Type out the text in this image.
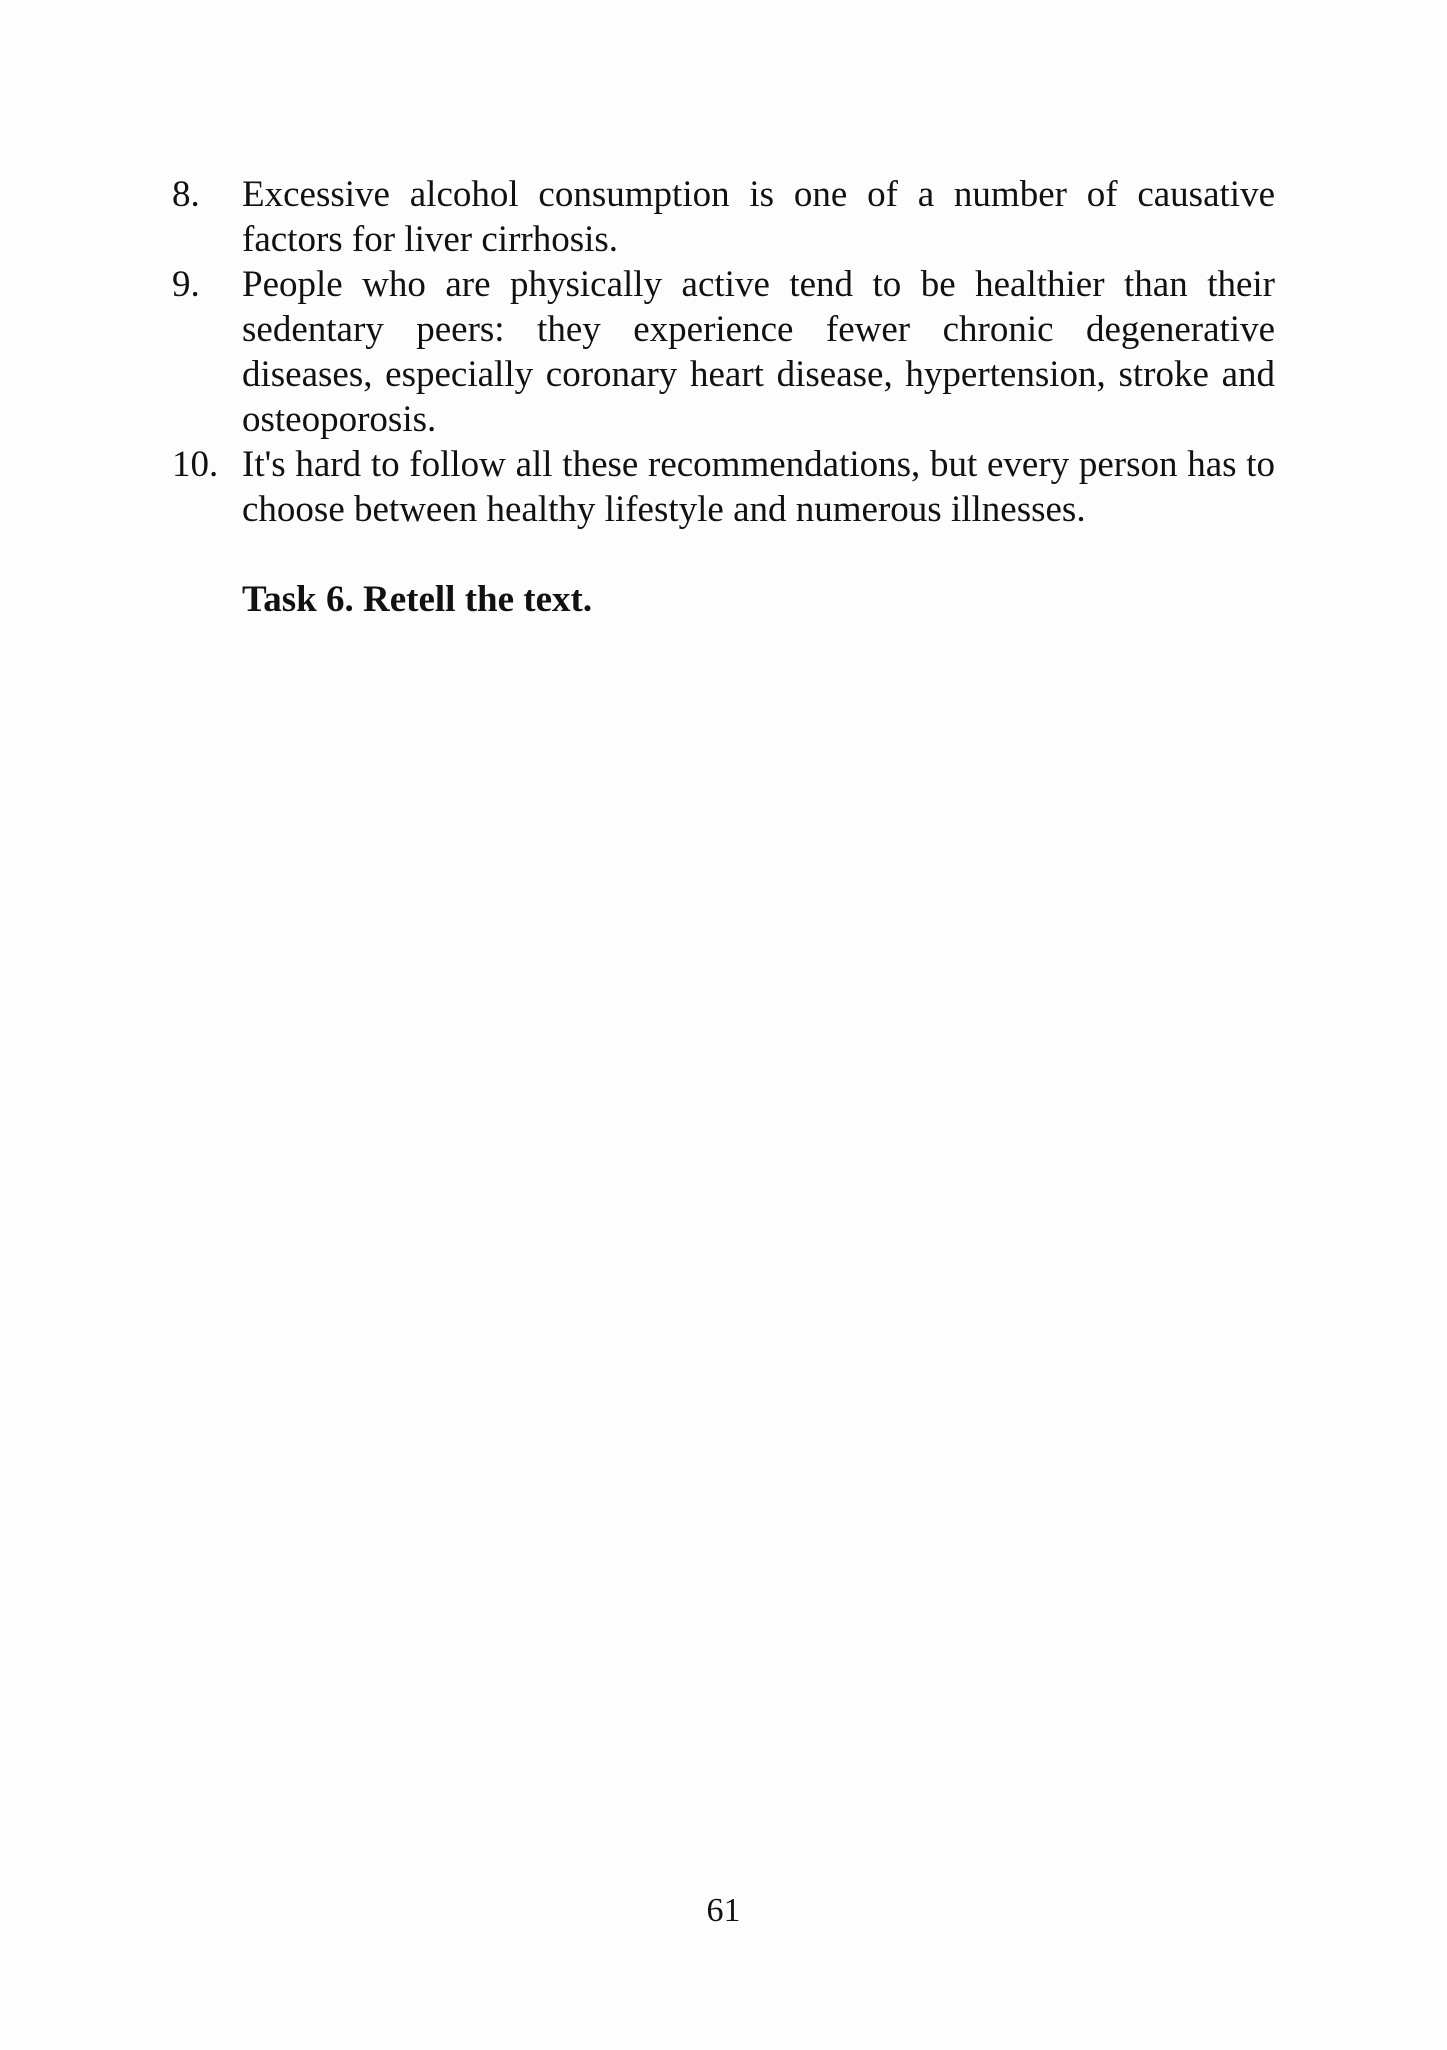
8.	Excessive alcohol consumption is one of a number of causative factors for liver cirrhosis.
9.	People who are physically active tend to be healthier than their sedentary peers: they experience fewer chronic degenerative diseases, especially coronary heart disease, hypertension, stroke and osteoporosis.
10. It's hard to follow all these recommendations, but every person has to choose between healthy lifestyle and numerous illnesses.
Task 6. Retell the text.
61
